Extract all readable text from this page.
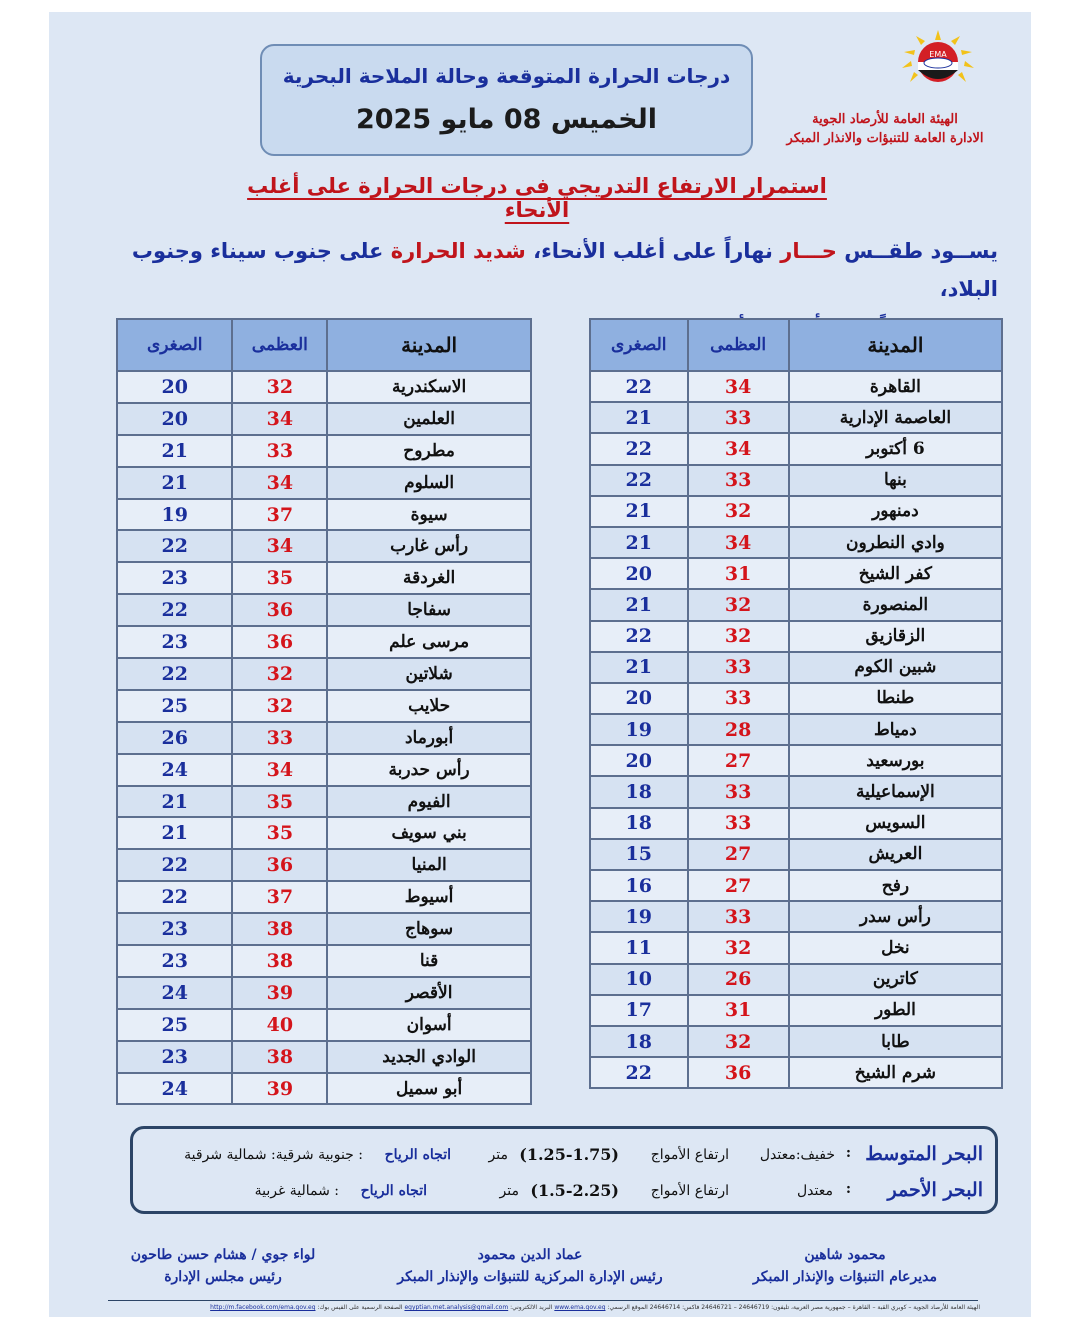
EMA
الهيئة العامة للأرصاد الجوية
الادارة العامة للتنبؤات والانذار المبكر
درجات الحرارة المتوقعة وحالة الملاحة البحرية
الخميس 08 مايو 2025
استمرار الارتفاع التدريجي فى درجات الحرارة على أغلب الأنحاء
يســود طقــس حـــار نهاراً على أغلب الأنحاء، شديد الحرارة على جنوب سيناء وجنوب البلاد،
المدينة	العظمى	الصغرى
القاهرة	34	22
العاصمة الإدارية	33	21
6 أكتوبر	34	22
بنها	33	22
دمنهور	32	21
وادي النطرون	34	21
كفر الشيخ	31	20
المنصورة	32	21
الزقازيق	32	22
شبين الكوم	33	21
طنطا	33	20
دمياط	28	19
بورسعيد	27	20
الإسماعيلية	33	18
السويس	33	18
العريش	27	15
رفح	27	16
رأس سدر	33	19
نخل	32	11
كاترين	26	10
الطور	31	17
طابا	32	18
شرم الشيخ	36	22
المدينة	العظمى	الصغرى
الاسكندرية	32	20
العلمين	34	20
مطروح	33	21
السلوم	34	21
سيوة	37	19
رأس غارب	34	22
الغردقة	35	23
سفاجا	36	22
مرسى علم	36	23
شلاتين	32	22
حلايب	32	25
أبورماد	33	26
رأس حدربة	34	24
الفيوم	35	21
بني سويف	35	21
المنيا	36	22
أسيوط	37	22
سوهاج	38	23
قنا	38	23
الأقصر	39	24
أسوان	40	25
الوادي الجديد	38	23
أبو سميل	39	24
البحر المتوسط
:
خفيف:معتدل
ارتفاع الأمواج
(1.25-1.75)
متر
اتجاه الرياح
: جنوبية شرقية: شمالية شرقية
البحر الأحمر
:
معتدل
ارتفاع الأمواج
(1.5-2.25)
متر
اتجاه الرياح
: شمالية غربية
محمود شاهين
مديرعام التنبؤات والإنذار المبكر
عماد الدين محمود
رئيس الإدارة المركزية للتنبؤات والإنذار المبكر
لواء جوي / هشام حسن طاحون
رئيس مجلس الإدارة
الهيئة العامة للأرصاد الجوية – كوبري القبة – القاهرة – جمهورية مصر العربية، تليفون: 24646719 – 24646721 فاكس: 24646714 الموقع الرسمي: www.ema.gov.eg البريد الالكتروني: egyptian.met.analysis@gmail.com الصفحة الرسمية على الفيس بوك: http://m.facebook.com/ema.gov.eg
